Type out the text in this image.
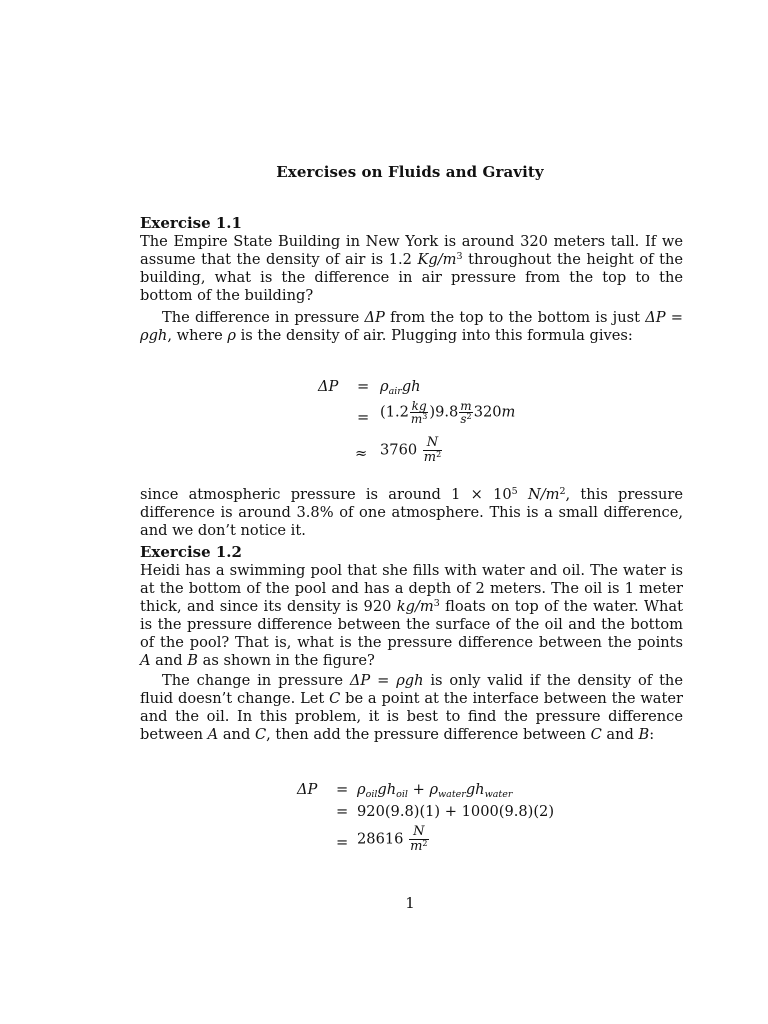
Exercises on Fluids and Gravity
Exercise 1.1
The Empire State Building in New York is around 320 meters tall. If we assume that the density of air is 1.2 $Kg/m^3$ throughout the height of the building, what is the difference in air pressure from the top to the bottom of the building?
The difference in pressure ΔP from the top to the bottom is just ΔP = ρgh, where ρ is the density of air. Plugging into this formula gives:
$\Delta P = \rho_{air}gh$
= $(1.2 \frac{kg}{m^3} )9.8 \frac{m}{s^2} 320m$
≈ $3760 \frac{N}{m^2}$
since atmospheric pressure is around $1 \times 10^5$ $N/m^2$, this pressure difference is around 3.8% of one atmosphere. This is a small difference, and we don’t notice it.
Exercise 1.2
Heidi has a swimming pool that she fills with water and oil. The water is at the bottom of the pool and has a depth of 2 meters. The oil is 1 meter thick, and since its density is 920 $kg/m^3$ floats on top of the water. What is the pressure difference between the surface of the oil and the bottom of the pool? That is, what is the pressure difference between the points A and B as shown in the figure?
The change in pressure ΔP = ρgh is only valid if the density of the fluid doesn’t change. Let C be a point at the interface between the water and the oil. In this problem, it is best to find the pressure difference between A and C, then add the pressure difference between C and B:
$\Delta P = \rho_{oil}gh_{oil} + \rho_{water}gh_{water}$
= 920(9.8)(1) + 1000(9.8)(2)
= $28616 \frac{N}{m^2}$
1
